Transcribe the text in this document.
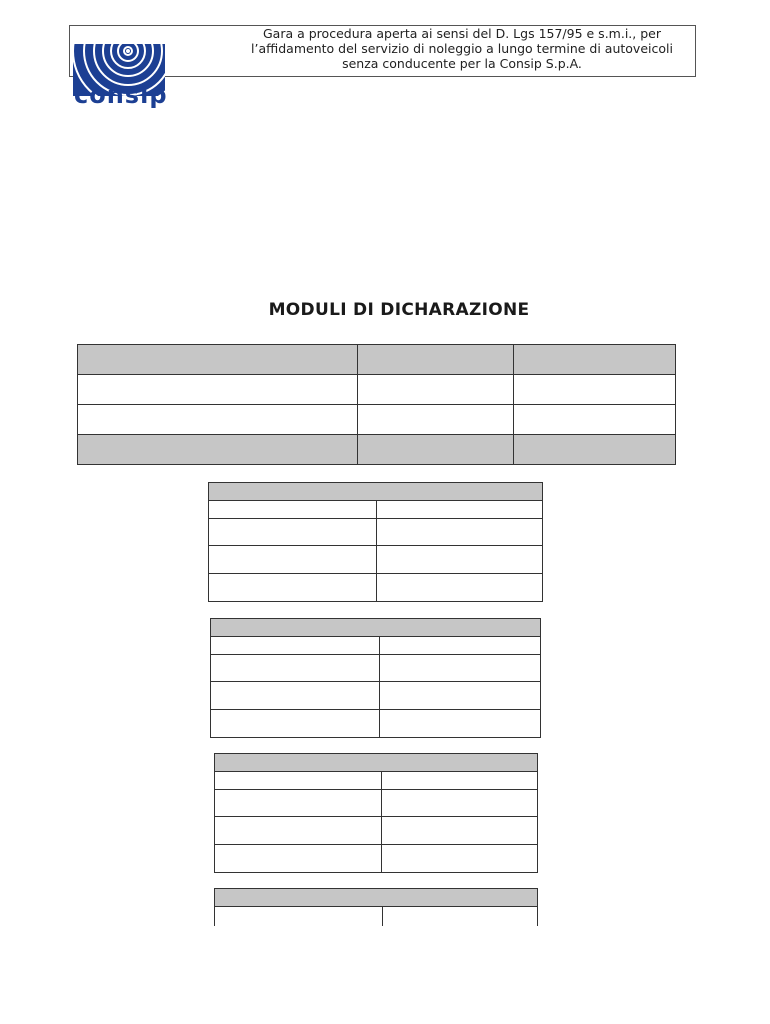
consip
Gara a procedura aperta ai sensi del D. Lgs 157/95 e s.m.i., per
l’affidamento del servizio di noleggio a lungo termine di autoveicoli
senza conducente per la Consip S.p.A.
MODULI DI DICHARAZIONE
